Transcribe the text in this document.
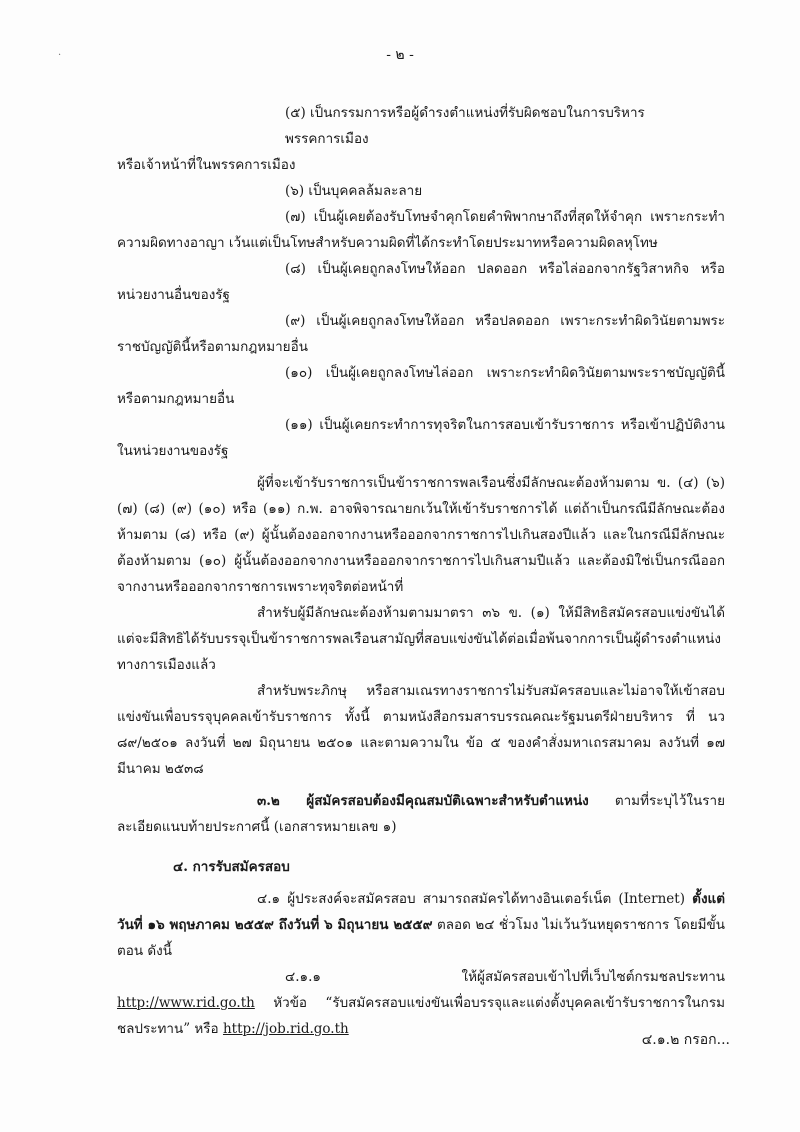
·	- ๒ -

(๕) เป็นกรรมการหรือผู้ดำรงตำแหน่งที่รับผิดชอบในการบริหารพรรคการเมือง

หรือเจ้าหน้าที่ในพรรคการเมือง

(๖) เป็นบุคคลล้มละลาย

(๗) เป็นผู้เคยต้องรับโทษจำคุกโดยคำพิพากษาถึงที่สุดให้จำคุก เพราะกระทำความผิดทางอาญา เว้นแต่เป็นโทษสำหรับความผิดที่ได้กระทำโดยประมาทหรือความผิดลหุโทษ

(๘) เป็นผู้เคยถูกลงโทษให้ออก ปลดออก หรือไล่ออกจากรัฐวิสาหกิจ หรือหน่วยงานอื่นของรัฐ

(๙) เป็นผู้เคยถูกลงโทษให้ออก หรือปลดออก เพราะกระทำผิดวินัยตามพระราชบัญญัตินี้หรือตามกฎหมายอื่น

(๑๐) เป็นผู้เคยถูกลงโทษไล่ออก เพราะกระทำผิดวินัยตามพระราชบัญญัตินี้หรือตามกฎหมายอื่น

(๑๑) เป็นผู้เคยกระทำการทุจริตในการสอบเข้ารับราชการ หรือเข้าปฏิบัติงานในหน่วยงานของรัฐ

ผู้ที่จะเข้ารับราชการเป็นข้าราชการพลเรือนซึ่งมีลักษณะต้องห้ามตาม ข. (๔) (๖) (๗) (๘) (๙) (๑๐) หรือ (๑๑) ก.พ. อาจพิจารณายกเว้นให้เข้ารับราชการได้ แต่ถ้าเป็นกรณีมีลักษณะต้องห้ามตาม (๘) หรือ (๙) ผู้นั้นต้องออกจากงานหรือออกจากราชการไปเกินสองปีแล้ว และในกรณีมีลักษณะต้องห้ามตาม (๑๐) ผู้นั้นต้องออกจากงานหรือออกจากราชการไปเกินสามปีแล้ว และต้องมิใช่เป็นกรณีออกจากงานหรือออกจากราชการเพราะทุจริตต่อหน้าที่

สำหรับผู้มีลักษณะต้องห้ามตามมาตรา ๓๖ ข. (๑) ให้มีสิทธิสมัครสอบแข่งขันได้ แต่จะมีสิทธิได้รับบรรจุเป็นข้าราชการพลเรือนสามัญที่สอบแข่งขันได้ต่อเมื่อพ้นจากการเป็นผู้ดำรงตำแหน่งทางการเมืองแล้ว

สำหรับพระภิกษุ หรือสามเณรทางราชการไม่รับสมัครสอบและไม่อาจให้เข้าสอบแข่งขันเพื่อบรรจุบุคคลเข้ารับราชการ ทั้งนี้ ตามหนังสือกรมสารบรรณคณะรัฐมนตรีฝ่ายบริหาร ที่ นว ๘๙/๒๕๐๑ ลงวันที่ ๒๗ มิถุนายน ๒๕๐๑ และตามความใน ข้อ ๕ ของคำสั่งมหาเถรสมาคม ลงวันที่ ๑๗ มีนาคม ๒๕๓๘

๓.๒ ผู้สมัครสอบต้องมีคุณสมบัติเฉพาะสำหรับตำแหน่ง ตามที่ระบุไว้ในรายละเอียดแนบท้ายประกาศนี้ (เอกสารหมายเลข ๑)

๔. การรับสมัครสอบ

๔.๑ ผู้ประสงค์จะสมัครสอบ สามารถสมัครได้ทางอินเตอร์เน็ต (Internet) ตั้งแต่วันที่ ๑๖ พฤษภาคม ๒๕๕๙ ถึงวันที่ ๖ มิถุนายน ๒๕๕๙ ตลอด ๒๔ ชั่วโมง ไม่เว้นวันหยุดราชการ โดยมีขั้นตอน ดังนี้

๔.๑.๑ ให้ผู้สมัครสอบเข้าไปที่เว็บไซต์กรมชลประทาน http://www.rid.go.th หัวข้อ “รับสมัครสอบแข่งขันเพื่อบรรจุและแต่งตั้งบุคคลเข้ารับราชการในกรมชลประทาน” หรือ http://job.rid.go.th

๔.๑.๒ กรอก...
